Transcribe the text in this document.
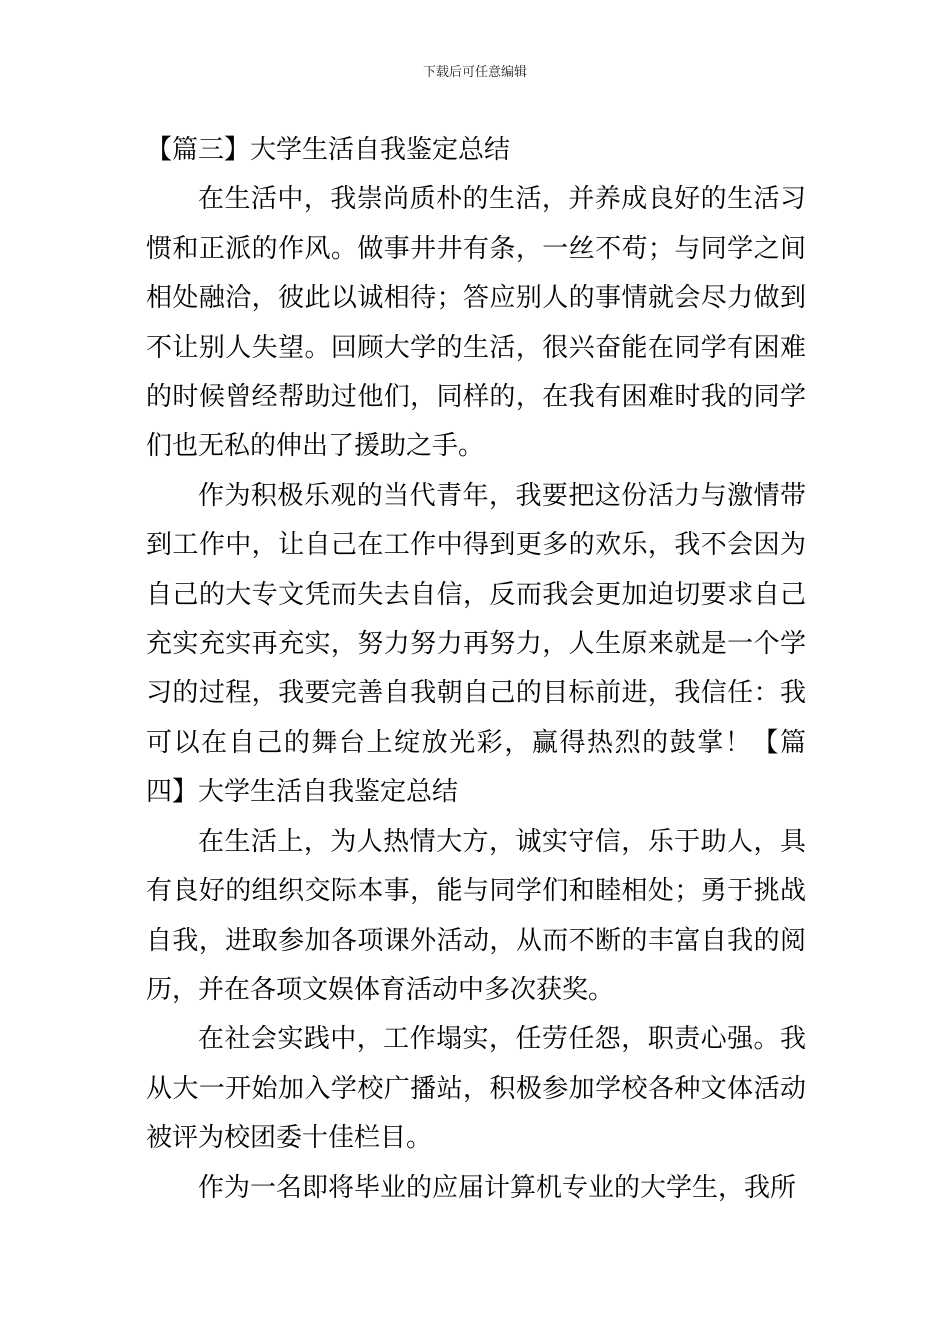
下载后可任意编辑

【篇三】大学生活自我鉴定总结

在生活中，我崇尚质朴的生活，并养成良好的生活习惯和正派的作风。做事井井有条，一丝不苟；与同学之间相处融洽，彼此以诚相待；答应别人的事情就会尽力做到不让别人失望。回顾大学的生活，很兴奋能在同学有困难的时候曾经帮助过他们，同样的，在我有困难时我的同学们也无私的伸出了援助之手。

作为积极乐观的当代青年，我要把这份活力与激情带到工作中，让自己在工作中得到更多的欢乐，我不会因为自己的大专文凭而失去自信，反而我会更加迫切要求自己充实充实再充实，努力努力再努力，人生原来就是一个学习的过程，我要完善自我朝自己的目标前进，我信任：我可以在自己的舞台上绽放光彩，赢得热烈的鼓掌！【篇四】大学生活自我鉴定总结

在生活上，为人热情大方，诚实守信，乐于助人，具有良好的组织交际本事，能与同学们和睦相处；勇于挑战自我，进取参加各项课外活动，从而不断的丰富自我的阅历，并在各项文娱体育活动中多次获奖。

在社会实践中，工作塌实，任劳任怨，职责心强。我从大一开始加入学校广播站，积极参加学校各种文体活动被评为校团委十佳栏目。

作为一名即将毕业的应届计算机专业的大学生，我所
